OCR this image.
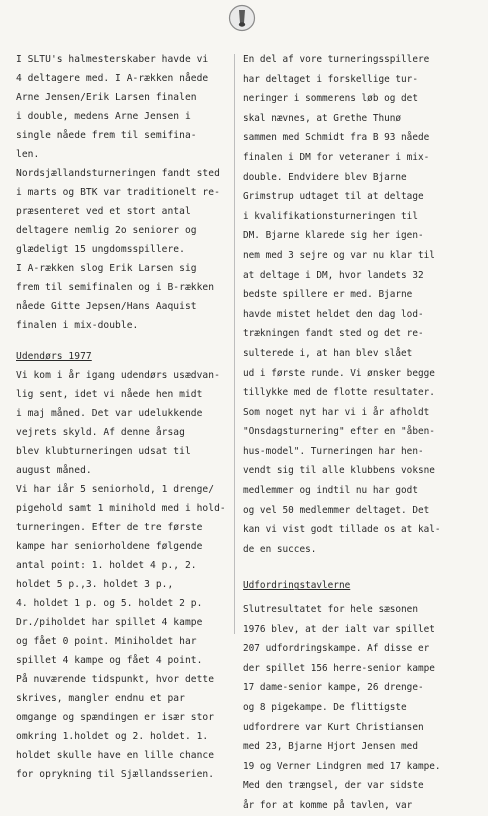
I SLTU's halmesterskaber havde vi

4 deltagere med. I A-rækken nåede

Arne Jensen/Erik Larsen finalen

i double, medens Arne Jensen i

single nåede frem til semifina-

len.

Nordsjællandsturneringen fandt sted

i marts og BTK var traditionelt re-

præsenteret ved et stort antal

deltagere nemlig 2o seniorer og

glædeligt 15 ungdomsspillere.

I A-rækken slog Erik Larsen sig

frem til semifinalen og i B-rækken

nåede Gitte Jepsen/Hans Aaquist

finalen i mix-double.

Udendørs 1977

Vi kom i år igang udendørs usædvan-

lig sent, idet vi nåede hen midt

i maj måned. Det var udelukkende

vejrets skyld. Af denne årsag

blev klubturneringen udsat til

august måned.

Vi har iår 5 seniorhold, 1 drenge/

pigehold samt 1 minihold med i hold-

turneringen. Efter de tre første

kampe har seniorholdene følgende

antal point: 1. holdet 4 p., 2.

holdet 5 p.,3. holdet 3 p.,

4. holdet 1 p. og 5. holdet 2 p.

Dr./piholdet har spillet 4 kampe

og fået 0 point. Miniholdet har

spillet 4 kampe og fået 4 point.

På nuværende tidspunkt, hvor dette

skrives, mangler endnu et par

omgange og spændingen er især stor

omkring 1.holdet og 2. holdet. 1.

holdet skulle have en lille chance

for oprykning til Sjællandsserien.

En del af vore turneringsspillere

har deltaget i forskellige tur-

neringer i sommerens løb og det

skal nævnes, at Grethe Thunø

sammen med Schmidt fra B 93 nåede

finalen i DM for veteraner i mix-

double. Endvidere blev Bjarne

Grimstrup udtaget til at deltage

i kvalifikationsturneringen til

DM. Bjarne klarede sig her igen-

nem med 3 sejre og var nu klar til

at deltage i DM, hvor landets 32

bedste spillere er med. Bjarne

havde mistet heldet den dag lod-

trækningen fandt sted og det re-

sulterede i, at han blev slået

ud i første runde. Vi ønsker begge

tillykke med de flotte resultater.

Som noget nyt har vi i år afholdt

"Onsdagsturnering" efter en "åben-

hus-model". Turneringen har hen-

vendt sig til alle klubbens voksne

medlemmer og indtil nu har godt

og vel 50 medlemmer deltaget. Det

kan vi vist godt tillade os at kal-

de en succes.

Udfordringstavlerne

Slutresultatet for hele sæsonen

1976 blev, at der ialt var spillet

207 udfordringskampe. Af disse er

der spillet 156 herre-senior kampe

17 dame-senior kampe, 26 drenge-

og 8 pigekampe. De flittigste

udfordrere var Kurt Christiansen

med 23, Bjarne Hjort Jensen med

19 og Verner Lindgren med 17 kampe.

Med den trængsel, der var sidste

år for at komme på tavlen, var
